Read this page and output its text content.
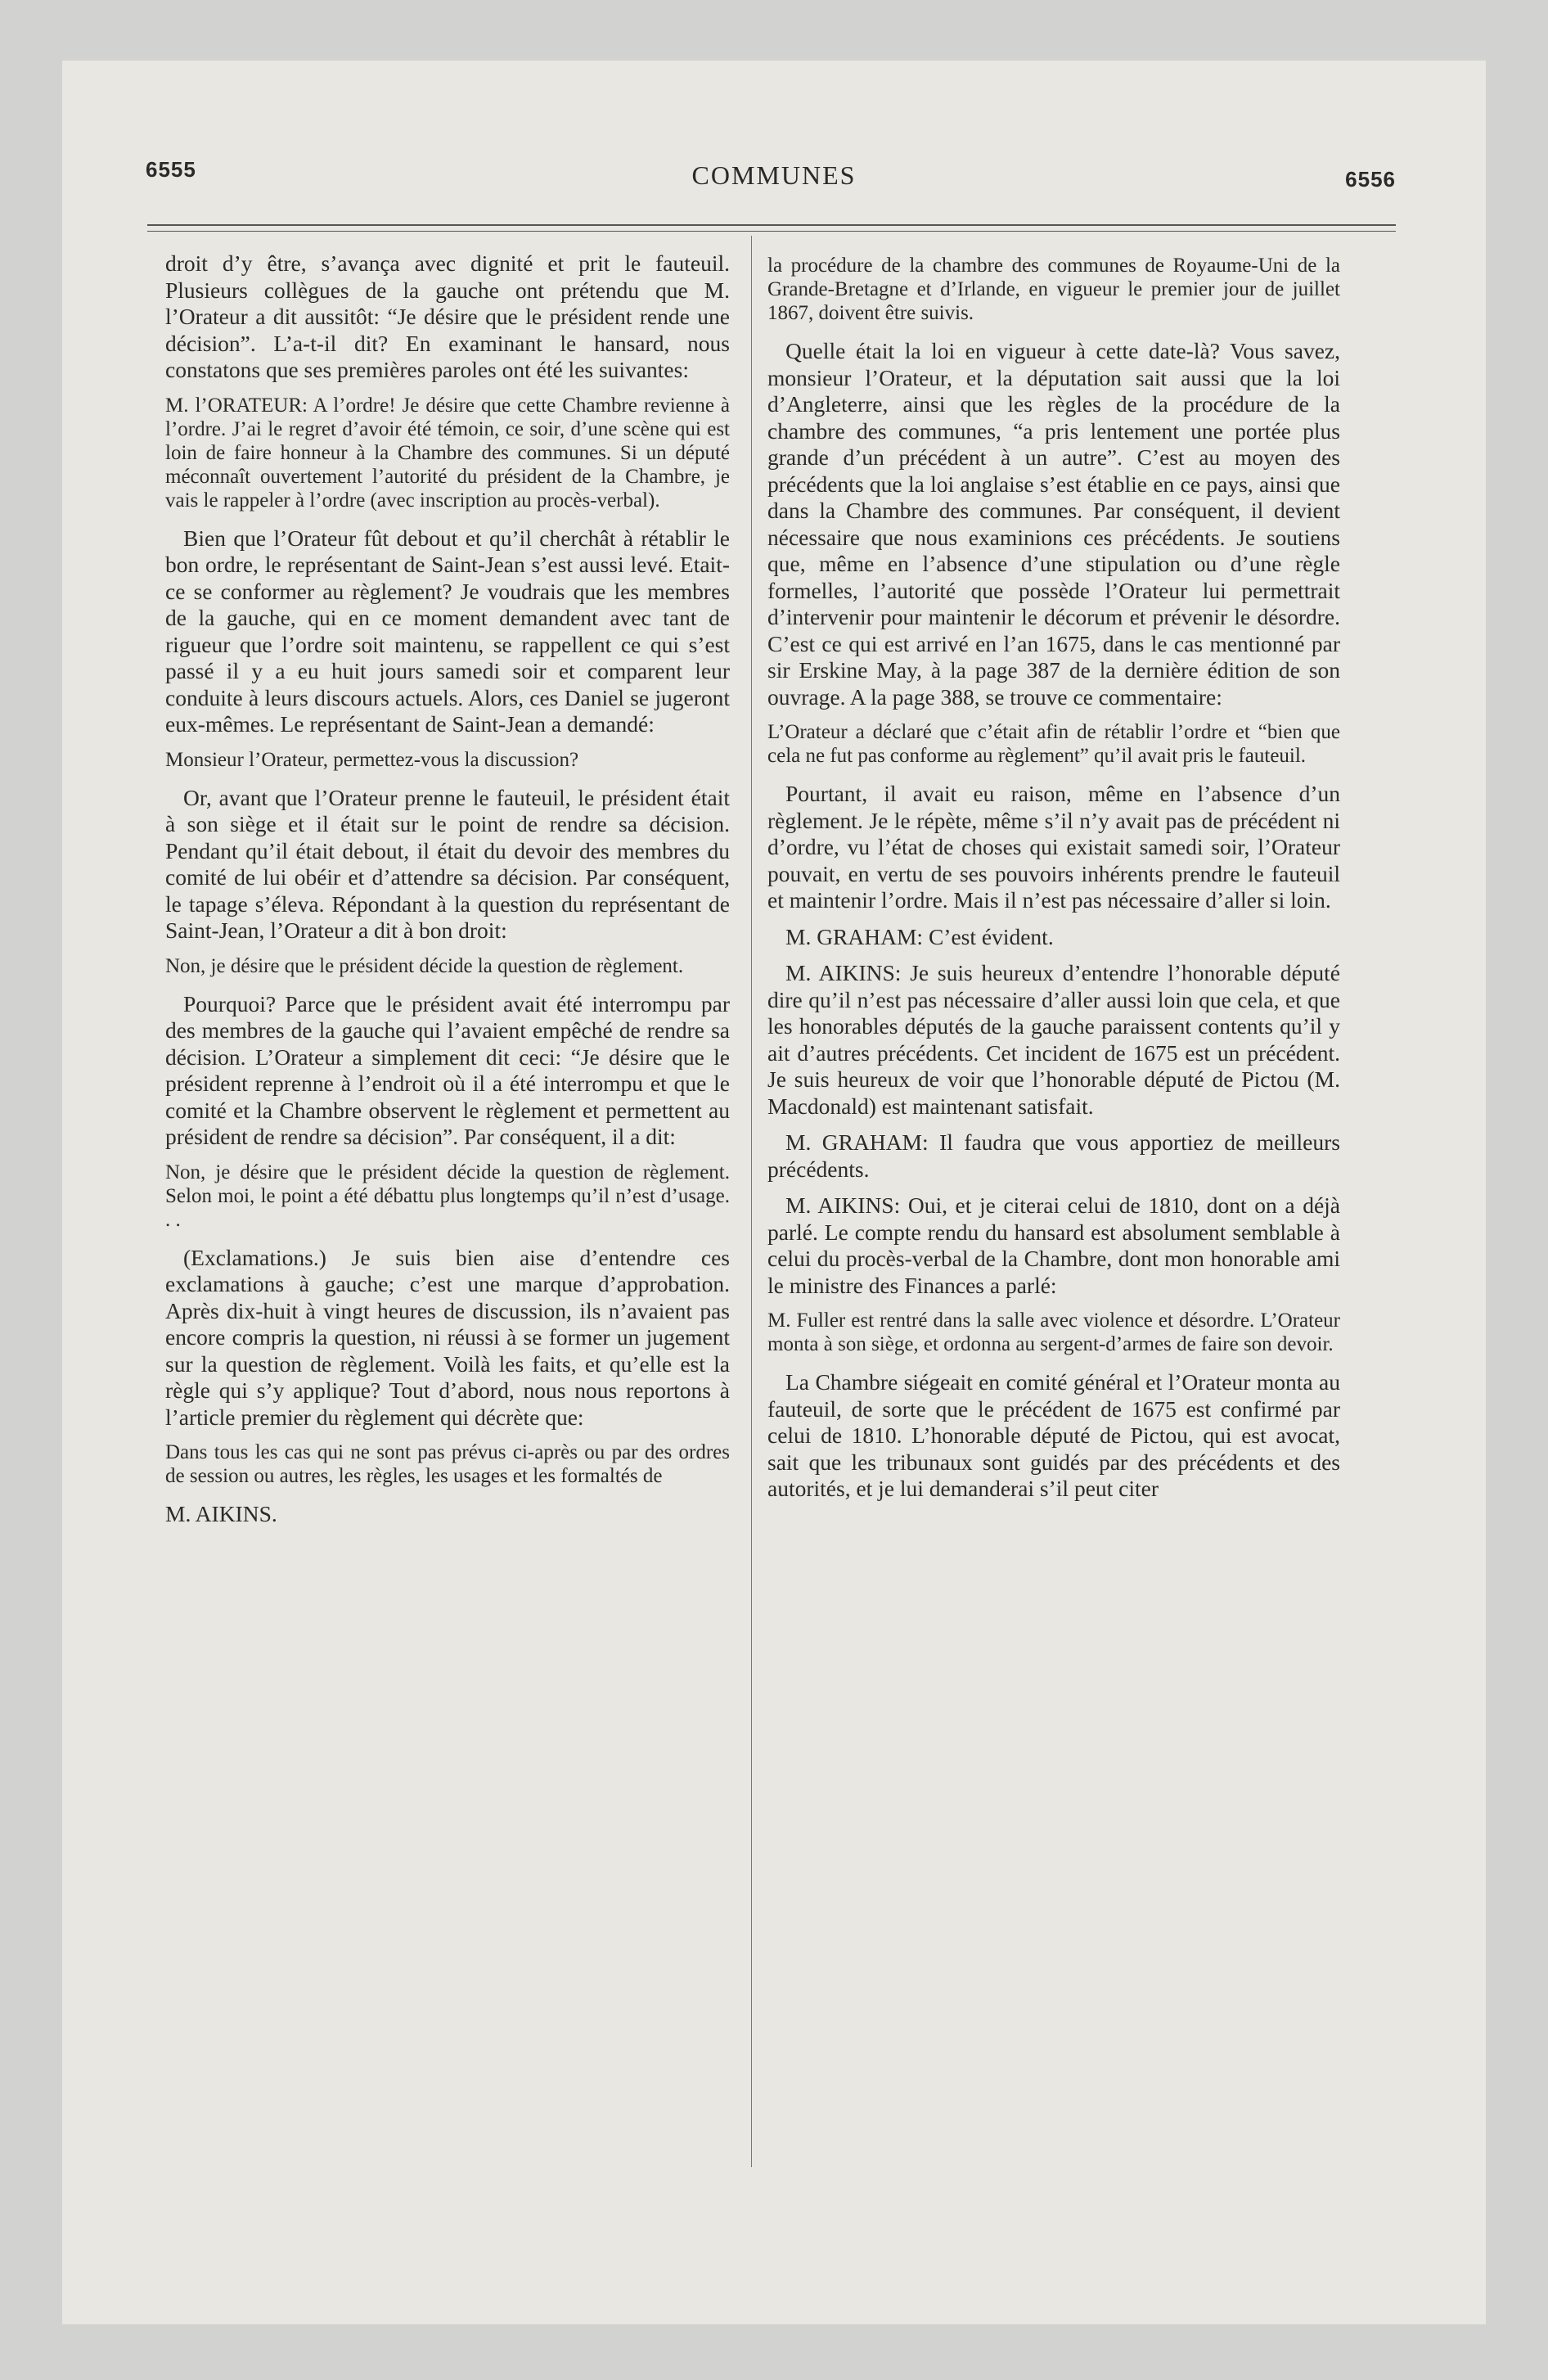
6555	COMMUNES	6556

droit d’y être, s’avança avec dignité et prit le fauteuil. Plusieurs collègues de la gauche ont prétendu que M. l’Orateur a dit aussitôt: “Je désire que le président rende une décision”. L’a-t-il dit? En examinant le hansard, nous constatons que ses premières paroles ont été les suivantes:

M. l’ORATEUR: A l’ordre! Je désire que cette Chambre revienne à l’ordre. J’ai le regret d’avoir été témoin, ce soir, d’une scène qui est loin de faire honneur à la Chambre des communes. Si un député méconnaît ouvertement l’autorité du président de la Chambre, je vais le rappeler à l’ordre (avec inscription au procès-verbal).

Bien que l’Orateur fût debout et qu’il cherchât à rétablir le bon ordre, le représentant de Saint-Jean s’est aussi levé. Etait-ce se conformer au règlement? Je voudrais que les membres de la gauche, qui en ce moment demandent avec tant de rigueur que l’ordre soit maintenu, se rappellent ce qui s’est passé il y a eu huit jours samedi soir et comparent leur conduite à leurs discours actuels. Alors, ces Daniel se jugeront eux-mêmes. Le représentant de Saint-Jean a demandé:

Monsieur l’Orateur, permettez-vous la discussion?

Or, avant que l’Orateur prenne le fauteuil, le président était à son siège et il était sur le point de rendre sa décision. Pendant qu’il était debout, il était du devoir des membres du comité de lui obéir et d’attendre sa décision. Par conséquent, le tapage s’éleva. Répondant à la question du représentant de Saint-Jean, l’Orateur a dit à bon droit:

Non, je désire que le président décide la question de règlement.

Pourquoi? Parce que le président avait été interrompu par des membres de la gauche qui l’avaient empêché de rendre sa décision. L’Orateur a simplement dit ceci: “Je désire que le président reprenne à l’endroit où il a été interrompu et que le comité et la Chambre observent le règlement et permettent au président de rendre sa décision”. Par conséquent, il a dit:

Non, je désire que le président décide la question de règlement. Selon moi, le point a été débattu plus longtemps qu’il n’est d’usage. . .

(Exclamations.) Je suis bien aise d’entendre ces exclamations à gauche; c’est une marque d’approbation. Après dix-huit à vingt heures de discussion, ils n’avaient pas encore compris la question, ni réussi à se former un jugement sur la question de règlement. Voilà les faits, et qu’elle est la règle qui s’y applique? Tout d’abord, nous nous reportons à l’article premier du règlement qui décrète que:

Dans tous les cas qui ne sont pas prévus ci-après ou par des ordres de session ou autres, les règles, les usages et les formaltés de

M. AIKINS.

la procédure de la chambre des communes de Royaume-Uni de la Grande-Bretagne et d’Irlande, en vigueur le premier jour de juillet 1867, doivent être suivis.

Quelle était la loi en vigueur à cette date-là? Vous savez, monsieur l’Orateur, et la députation sait aussi que la loi d’Angleterre, ainsi que les règles de la procédure de la chambre des communes, “a pris lentement une portée plus grande d’un précédent à un autre”. C’est au moyen des précédents que la loi anglaise s’est établie en ce pays, ainsi que dans la Chambre des communes. Par conséquent, il devient nécessaire que nous examinions ces précédents. Je soutiens que, même en l’absence d’une stipulation ou d’une règle formelles, l’autorité que possède l’Orateur lui permettrait d’intervenir pour maintenir le décorum et prévenir le désordre. C’est ce qui est arrivé en l’an 1675, dans le cas mentionné par sir Erskine May, à la page 387 de la dernière édition de son ouvrage. A la page 388, se trouve ce commentaire:

L’Orateur a déclaré que c’était afin de rétablir l’ordre et “bien que cela ne fut pas conforme au règlement” qu’il avait pris le fauteuil.

Pourtant, il avait eu raison, même en l’absence d’un règlement. Je le répète, même s’il n’y avait pas de précédent ni d’ordre, vu l’état de choses qui existait samedi soir, l’Orateur pouvait, en vertu de ses pouvoirs inhérents prendre le fauteuil et maintenir l’ordre. Mais il n’est pas nécessaire d’aller si loin.

M. GRAHAM: C’est évident.

M. AIKINS: Je suis heureux d’entendre l’honorable député dire qu’il n’est pas nécessaire d’aller aussi loin que cela, et que les honorables députés de la gauche paraissent contents qu’il y ait d’autres précédents. Cet incident de 1675 est un précédent. Je suis heureux de voir que l’honorable député de Pictou (M. Macdonald) est maintenant satisfait.

M. GRAHAM: Il faudra que vous apportiez de meilleurs précédents.

M. AIKINS: Oui, et je citerai celui de 1810, dont on a déjà parlé. Le compte rendu du hansard est absolument semblable à celui du procès-verbal de la Chambre, dont mon honorable ami le ministre des Finances a parlé:

M. Fuller est rentré dans la salle avec violence et désordre. L’Orateur monta à son siège, et ordonna au sergent-d’armes de faire son devoir.

La Chambre siégeait en comité général et l’Orateur monta au fauteuil, de sorte que le précédent de 1675 est confirmé par celui de 1810. L’honorable député de Pictou, qui est avocat, sait que les tribunaux sont guidés par des précédents et des autorités, et je lui demanderai s’il peut citer
